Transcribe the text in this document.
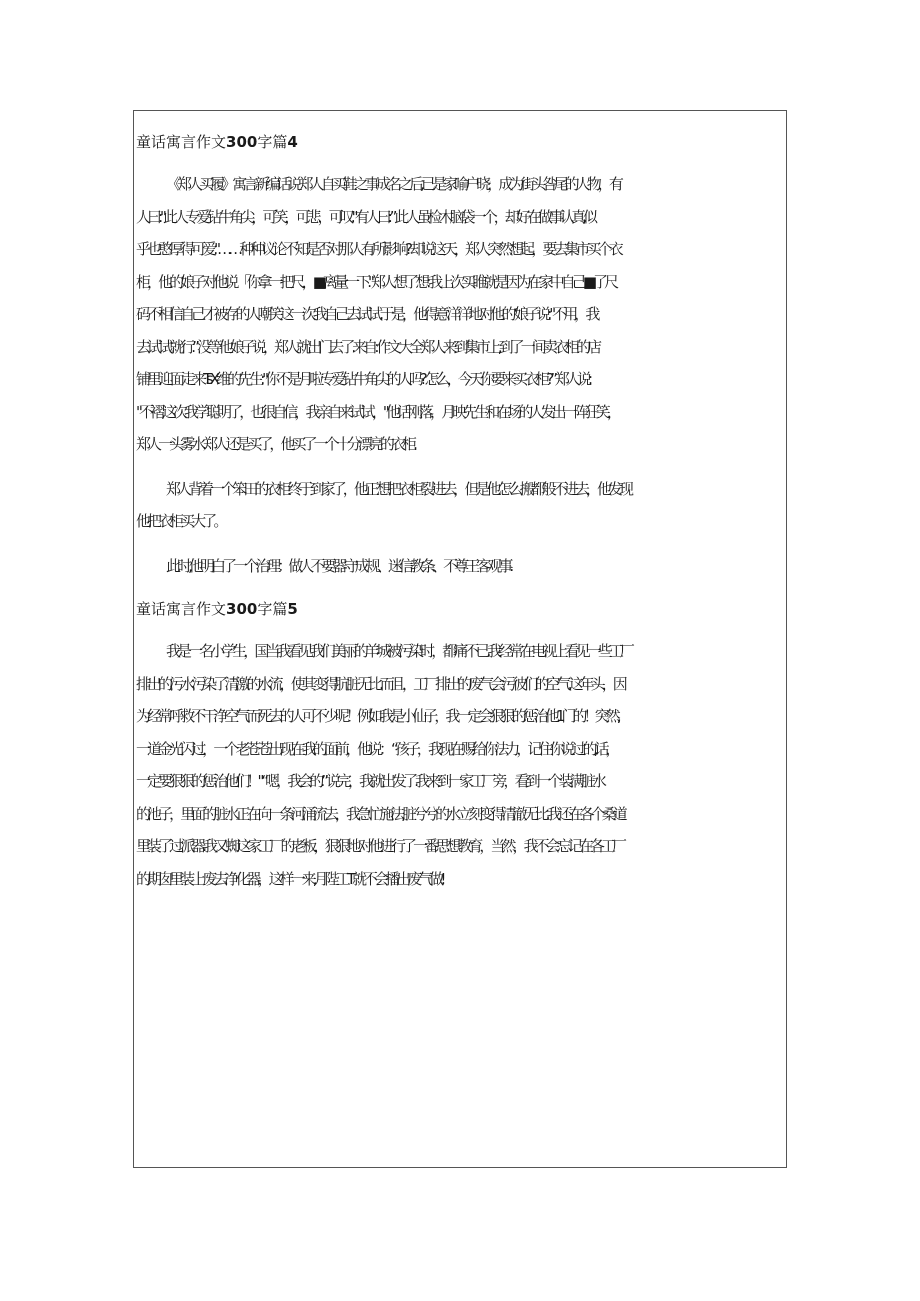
童话寓言作文300字篇4

《郑人买履》寓言新编话说郑人自买鞋之事成名之后,已是家喻户晓，成为街头咎尾的人物，有
人曰: "此人专爱钻牛角尖，可笑，可悲，可叹."有人曰: ” 此人虽检木脑袋一个，却好在做事认真,似
乎也憨厚得可爱."……种种议论不知是否对那人有所影响? 却说这天，郑人突然想起，要去集市买个衣
柜，他的娘子对他说「你拿一把尺，■离量一下."郑人想了想: 我上次买睢就是因为在家中自己■了尺
码不相信自己才被存的人嘲笑这一次我自己去试试.于是，他得意洋洋地对他的 ‘娘子说: "不用，我
去试试就行.” 没等他娘子说，郑人就出门去了.来自: 作文大全郑人来到集市上,到了一间卖衣柜的店
铺里.迎面走来TsX维的先生: "你不是月啦专爱钻牛角尖的人吗? 怎么，今天你要来买衣柜?” 郑人说:
"不褶,这次我学聪明了，也很自信，我亲自来试试，"他话刚落，月映先生和在场的人发出一阵狂笑，
郑人一头雾水.郑人还是买了，他买了一个十分漂亮的衣柜.

郑人背着一个笨田的衣柜终于到家了，他正想把衣柜裂进去，但是他怎么搬都般不进去，他发现
他把衣柜买大了。

此时,他明白了一个治理：做人不要器守成规、迷信教条、不尊王客观事.

童话寓言作文300字篇5

我是一名小学生，国当我看见我们美丽的羊城被污染时，都痛不已.我经常在电视上看见一些工厂
排出的污水污染了清激的水流，使其变得肮脏无比.而且，工厂排出的废气会污彼们的空气.这年头，因
为经常呼救不干净空气而死去的人可不少呢！例如我是小仙子，我一定会狠狠的惩治他1门的！突然,
一道金光闪过，一个老苍苍出现在我的面前，他说： “孩子，我现在赐给你法力，记住你说过的,话，
一定要狠狠的惩治他们！" “嗯，我会的.” 说完，我就出发了.我来到一家工厂旁，看到一个装满脏水
的池子，里面的脏水正在向一条河涌流去，我急忙施法,脏兮兮的水立刻变得清澈无比.我还在各个桑道
里装了过派器.我又蜘这家工厂的老板，狠狠地对他进行了一番思想教育，当然，我不会忘记在各工厂
的期囱里装上废去净化器，这样一来,月陛工T就不会播出废气做!
